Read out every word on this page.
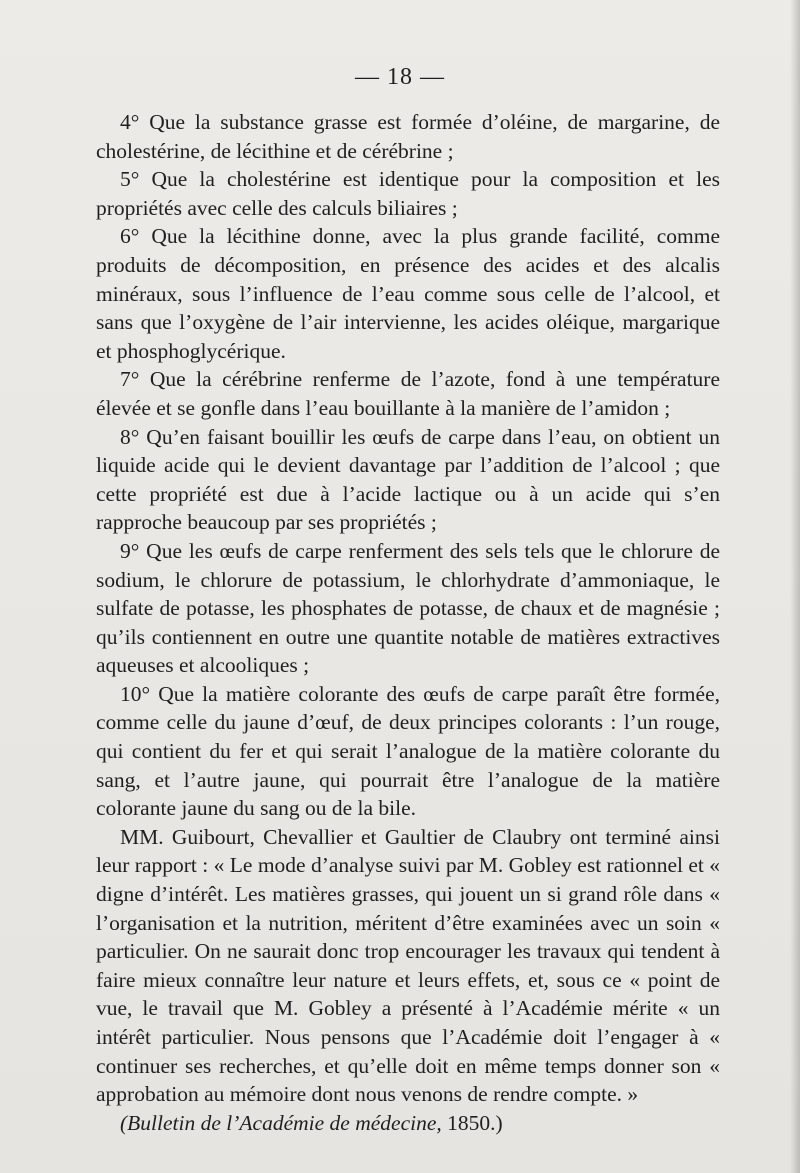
— 18 —

4° Que la substance grasse est formée d’oléine, de margarine, de cholestérine, de lécithine et de cérébrine ;

5° Que la cholestérine est identique pour la composition et les propriétés avec celle des calculs biliaires ;

6° Que la lécithine donne, avec la plus grande facilité, comme produits de décomposition, en présence des acides et des alcalis minéraux, sous l’influence de l’eau comme sous celle de l’alcool, et sans que l’oxygène de l’air intervienne, les acides oléique, margarique et phosphoglycérique.

7° Que la cérébrine renferme de l’azote, fond à une température élevée et se gonfle dans l’eau bouillante à la manière de l’amidon ;

8° Qu’en faisant bouillir les œufs de carpe dans l’eau, on obtient un liquide acide qui le devient davantage par l’addition de l’alcool ; que cette propriété est due à l’acide lactique ou à un acide qui s’en rapproche beaucoup par ses propriétés ;

9° Que les œufs de carpe renferment des sels tels que le chlorure de sodium, le chlorure de potassium, le chlorhydrate d’ammoniaque, le sulfate de potasse, les phosphates de potasse, de chaux et de magnésie ; qu’ils contiennent en outre une quantite notable de matières extractives aqueuses et alcooliques ;

10° Que la matière colorante des œufs de carpe paraît être formée, comme celle du jaune d’œuf, de deux principes colorants : l’un rouge, qui contient du fer et qui serait l’analogue de la matière colorante du sang, et l’autre jaune, qui pourrait être l’analogue de la matière colorante jaune du sang ou de la bile.

MM. Guibourt, Chevallier et Gaultier de Claubry ont terminé ainsi leur rapport : « Le mode d’analyse suivi par M. Gobley est rationnel et « digne d’intérêt. Les matières grasses, qui jouent un si grand rôle dans « l’organisation et la nutrition, méritent d’être examinées avec un soin « particulier. On ne saurait donc trop encourager les travaux qui tendent à faire mieux connaître leur nature et leurs effets, et, sous ce « point de vue, le travail que M. Gobley a présenté à l’Académie mérite « un intérêt particulier. Nous pensons que l’Académie doit l’engager à « continuer ses recherches, et qu’elle doit en même temps donner son « approbation au mémoire dont nous venons de rendre compte. »

(Bulletin de l’Académie de médecine, 1850.)
